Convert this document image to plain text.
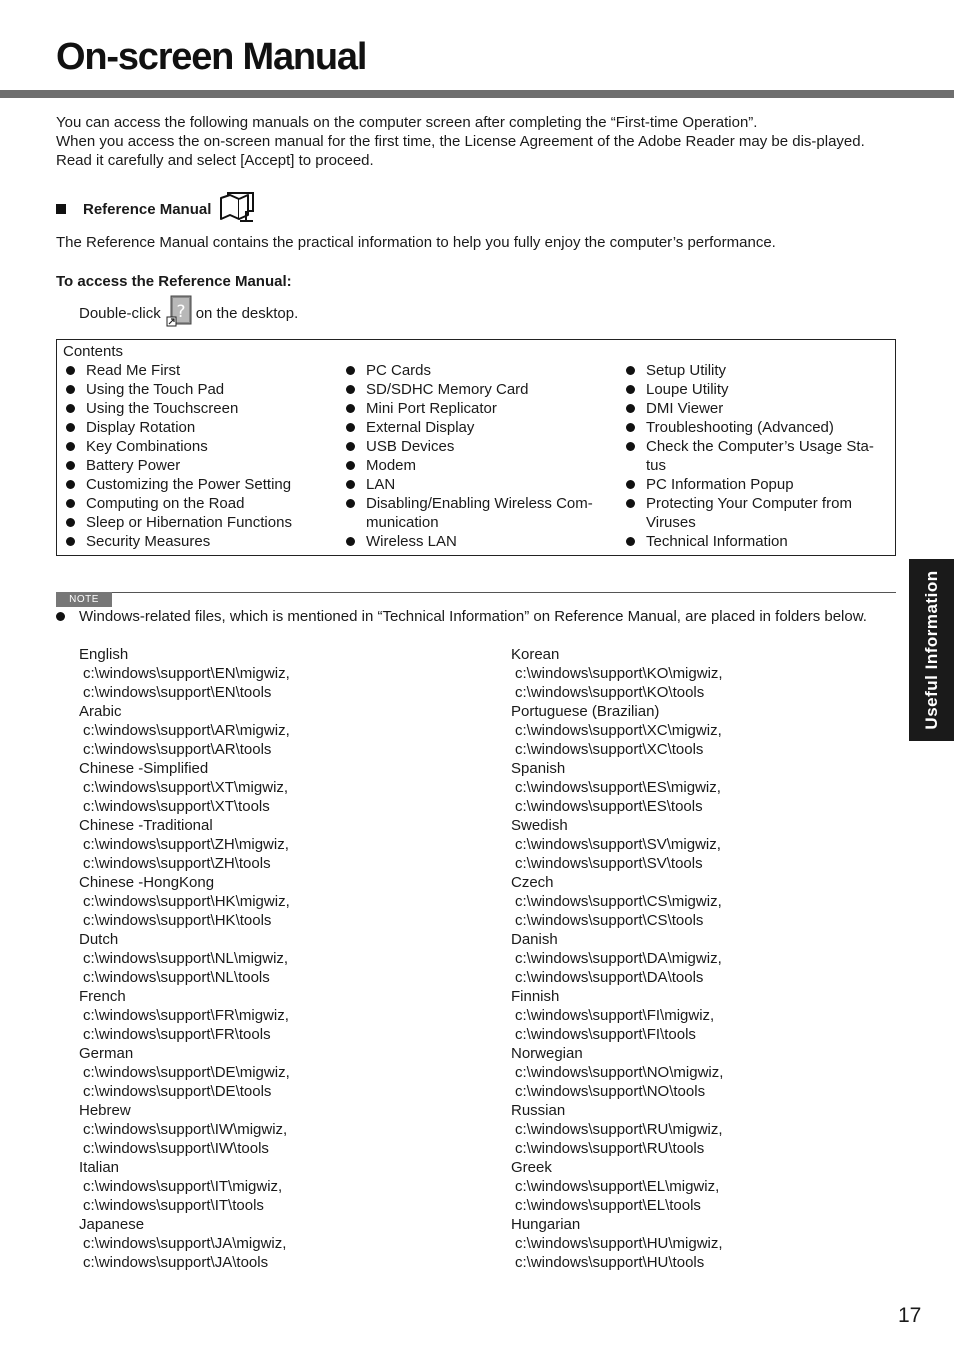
On-screen Manual

You can access the following manuals on the computer screen after completing the “First-time Operation”.

When you access the on-screen manual for the first time, the License Agreement of the Adobe Reader may be dis-played. Read it carefully and select [Accept] to proceed.

Reference Manual
The Reference Manual contains the practical information to help you fully enjoy the computer’s performance.
To access the Reference Manual:
Double-click ? on the desktop.
Contents
Read Me First
Using the Touch Pad
Using the Touchscreen
Display Rotation
Key Combinations
Battery Power
Customizing the Power Setting
Computing on the Road
Sleep or Hibernation Functions
Security Measures
PC Cards
SD/SDHC Memory Card
Mini Port Replicator
External Display
USB Devices
Modem
LAN
Disabling/Enabling Wireless Com-munication
Wireless LAN
Setup Utility
Loupe Utility
DMI Viewer
Troubleshooting (Advanced)
Check the Computer’s Usage Sta-tus
PC Information Popup
Protecting Your Computer from Viruses
Technical Information
NOTE
Windows-related files, which is mentioned in “Technical Information” on Reference Manual, are placed in folders below.
English
c:\windows\support\EN\migwiz,
c:\windows\support\EN\tools
Arabic
c:\windows\support\AR\migwiz,
c:\windows\support\AR\tools
Chinese -Simplified
c:\windows\support\XT\migwiz,
c:\windows\support\XT\tools
Chinese -Traditional
c:\windows\support\ZH\migwiz,
c:\windows\support\ZH\tools
Chinese -HongKong
c:\windows\support\HK\migwiz,
c:\windows\support\HK\tools
Dutch
c:\windows\support\NL\migwiz,
c:\windows\support\NL\tools
French
c:\windows\support\FR\migwiz,
c:\windows\support\FR\tools
German
c:\windows\support\DE\migwiz,
c:\windows\support\DE\tools
Hebrew
c:\windows\support\IW\migwiz,
c:\windows\support\IW\tools
Italian
c:\windows\support\IT\migwiz,
c:\windows\support\IT\tools
Japanese
c:\windows\support\JA\migwiz,
c:\windows\support\JA\tools
Korean
c:\windows\support\KO\migwiz,
c:\windows\support\KO\tools
Portuguese (Brazilian)
c:\windows\support\XC\migwiz,
c:\windows\support\XC\tools
Spanish
c:\windows\support\ES\migwiz,
c:\windows\support\ES\tools
Swedish
c:\windows\support\SV\migwiz,
c:\windows\support\SV\tools
Czech
c:\windows\support\CS\migwiz,
c:\windows\support\CS\tools
Danish
c:\windows\support\DA\migwiz,
c:\windows\support\DA\tools
Finnish
c:\windows\support\FI\migwiz,
c:\windows\support\FI\tools
Norwegian
c:\windows\support\NO\migwiz,
c:\windows\support\NO\tools
Russian
c:\windows\support\RU\migwiz,
c:\windows\support\RU\tools
Greek
c:\windows\support\EL\migwiz,
c:\windows\support\EL\tools
Hungarian
c:\windows\support\HU\migwiz,
c:\windows\support\HU\tools
Useful Information
17
